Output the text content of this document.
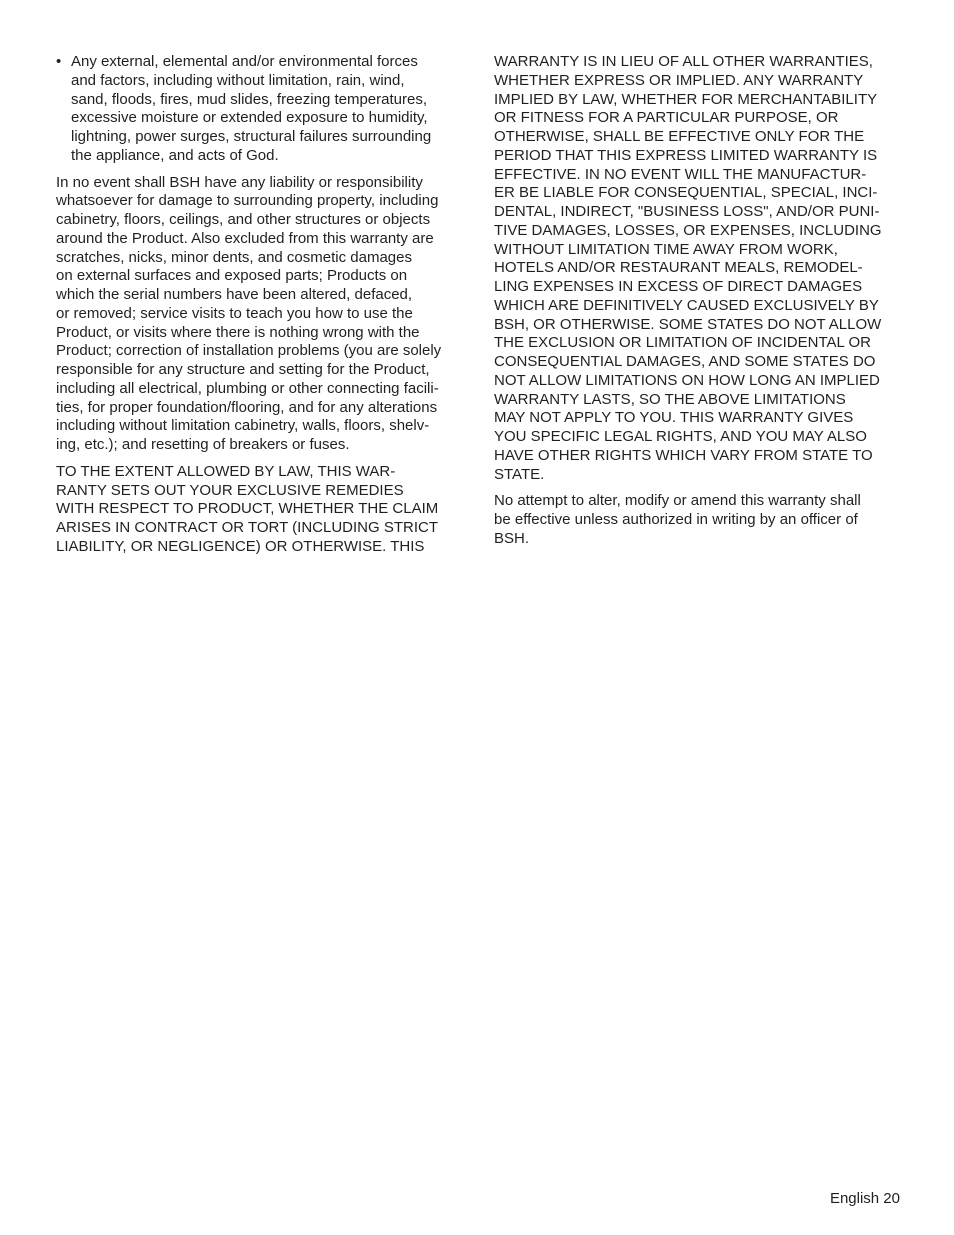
• Any external, elemental and/or environmental forces
and factors, including without limitation, rain, wind,
sand, floods, fires, mud slides, freezing temperatures,
excessive moisture or extended exposure to humidity,
lightning, power surges, structural failures surrounding
the appliance, and acts of God.

In no event shall BSH have any liability or responsibility
whatsoever for damage to surrounding property, including
cabinetry, floors, ceilings, and other structures or objects
around the Product. Also excluded from this warranty are
scratches, nicks, minor dents, and cosmetic damages
on external surfaces and exposed parts; Products on
which the serial numbers have been altered, defaced,
or removed; service visits to teach you how to use the
Product, or visits where there is nothing wrong with the
Product; correction of installation problems (you are solely
responsible for any structure and setting for the Product,
including all electrical, plumbing or other connecting facili-
ties, for proper foundation/flooring, and for any alterations
including without limitation cabinetry, walls, floors, shelv-
ing, etc.); and resetting of breakers or fuses.

TO THE EXTENT ALLOWED BY LAW, THIS WAR-
RANTY SETS OUT YOUR EXCLUSIVE REMEDIES
WITH RESPECT TO PRODUCT, WHETHER THE CLAIM
ARISES IN CONTRACT OR TORT (INCLUDING STRICT
LIABILITY, OR NEGLIGENCE) OR OTHERWISE. THIS

WARRANTY IS IN LIEU OF ALL OTHER WARRANTIES,
WHETHER EXPRESS OR IMPLIED. ANY WARRANTY
IMPLIED BY LAW, WHETHER FOR MERCHANTABILITY
OR FITNESS FOR A PARTICULAR PURPOSE, OR
OTHERWISE, SHALL BE EFFECTIVE ONLY FOR THE
PERIOD THAT THIS EXPRESS LIMITED WARRANTY IS
EFFECTIVE. IN NO EVENT WILL THE MANUFACTUR-
ER BE LIABLE FOR CONSEQUENTIAL, SPECIAL, INCI-
DENTAL, INDIRECT, "BUSINESS LOSS", AND/OR PUNI-
TIVE DAMAGES, LOSSES, OR EXPENSES, INCLUDING
WITHOUT LIMITATION TIME AWAY FROM WORK,
HOTELS AND/OR RESTAURANT MEALS, REMODEL-
LING EXPENSES IN EXCESS OF DIRECT DAMAGES
WHICH ARE DEFINITIVELY CAUSED EXCLUSIVELY BY
BSH, OR OTHERWISE. SOME STATES DO NOT ALLOW
THE EXCLUSION OR LIMITATION OF INCIDENTAL OR
CONSEQUENTIAL DAMAGES, AND SOME STATES DO
NOT ALLOW LIMITATIONS ON HOW LONG AN IMPLIED
WARRANTY LASTS, SO THE ABOVE LIMITATIONS
MAY NOT APPLY TO YOU. THIS WARRANTY GIVES
YOU SPECIFIC LEGAL RIGHTS, AND YOU MAY ALSO
HAVE OTHER RIGHTS WHICH VARY FROM STATE TO
STATE.

No attempt to alter, modify or amend this warranty shall
be effective unless authorized in writing by an officer of
BSH.

English 20
